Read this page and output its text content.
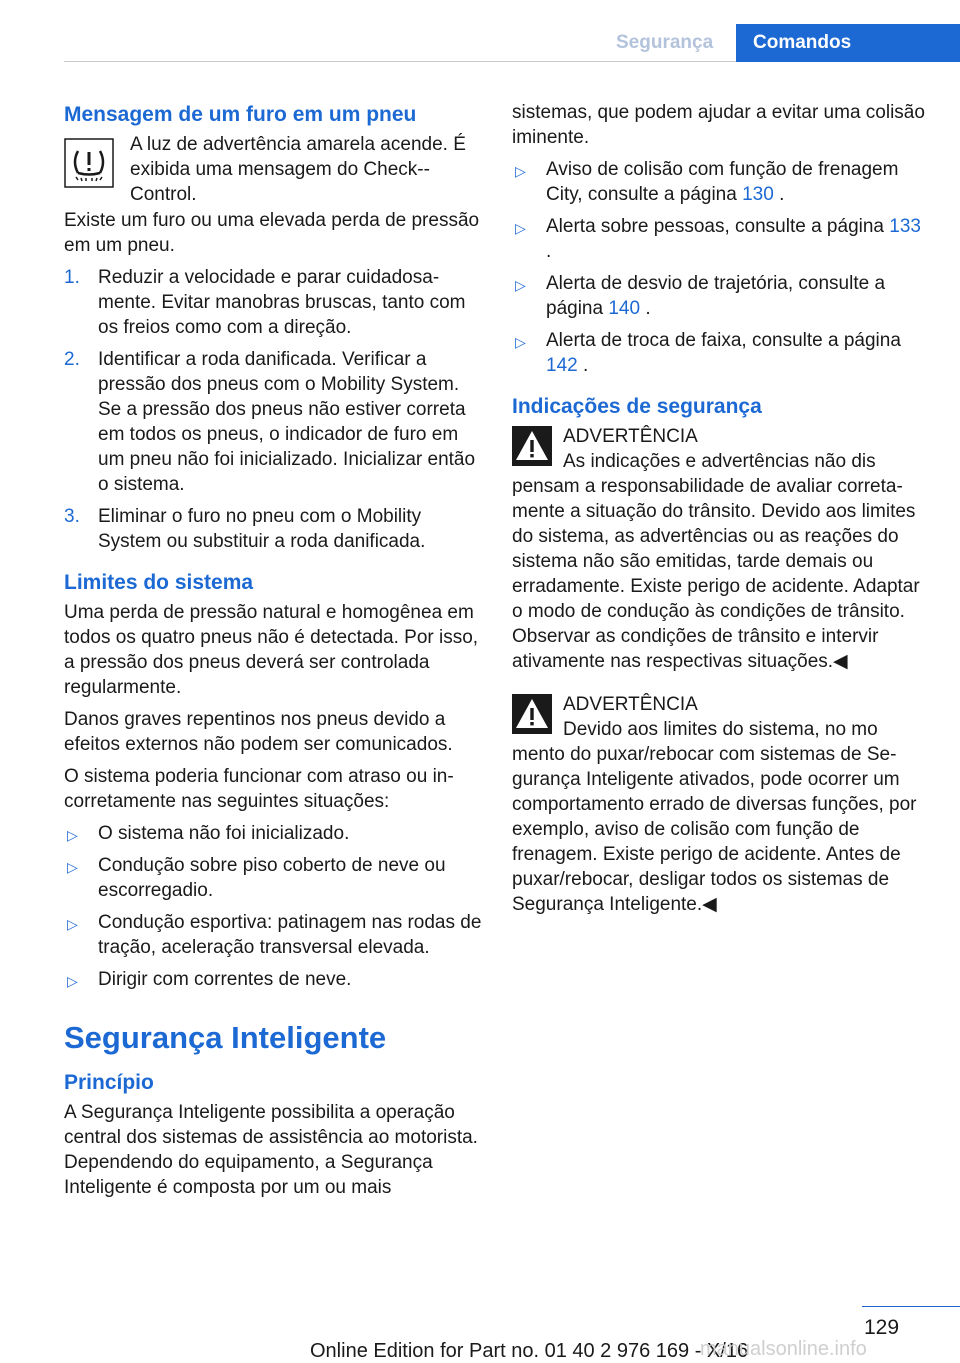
Segurança	Comandos
Mensagem de um furo em um pneu

A luz de advertência amarela acende. É exibida uma mensagem do Check-Control.

Existe um furo ou uma elevada perda de pressão em um pneu.

1. Reduzir a velocidade e parar cuidadosamente. Evitar manobras bruscas, tanto com os freios como com a direção.
2. Identificar a roda danificada. Verificar a pressão dos pneus com o Mobility System. Se a pressão dos pneus não estiver correta em todos os pneus, o indicador de furo em um pneu não foi inicializado. Inicializar então o sistema.
3. Eliminar o furo no pneu com o Mobility System ou substituir a roda danificada.
Limites do sistema

Uma perda de pressão natural e homogênea em todos os quatro pneus não é detectada. Por isso, a pressão dos pneus deverá ser controlada regularmente.

Danos graves repentinos nos pneus devido a efeitos externos não podem ser comunicados.

O sistema poderia funcionar com atraso ou incorretamente nas seguintes situações:

▷ O sistema não foi inicializado.
▷ Condução sobre piso coberto de neve ou escorregadio.
▷ Condução esportiva: patinagem nas rodas de tração, aceleração transversal elevada.
▷ Dirigir com correntes de neve.
Segurança Inteligente
Princípio

A Segurança Inteligente possibilita a operação central dos sistemas de assistência ao motorista. Dependendo do equipamento, a Segurança Inteligente é composta por um ou mais

sistemas, que podem ajudar a evitar uma colisão iminente.

▷ Aviso de colisão com função de frenagem City, consulte a página 130 .
▷ Alerta sobre pessoas, consulte a página 133 .
▷ Alerta de desvio de trajetória, consulte a página 140 .
▷ Alerta de troca de faixa, consulte a página 142 .
Indicações de segurança
ADVERTÊNCIA
As indicações e advertências não dis
pensam a responsabilidade de avaliar corretamente a situação do trânsito. Devido aos limites do sistema, as advertências ou as reações do sistema não são emitidas, tarde demais ou erradamente. Existe perigo de acidente. Adaptar o modo de condução às condições de trânsito. Observar as condições de trânsito e intervir ativamente nas respectivas situações.◀
ADVERTÊNCIA
Devido aos limites do sistema, no mo
mento do puxar/rebocar com sistemas de Segurança Inteligente ativados, pode ocorrer um comportamento errado de diversas funções, por exemplo, aviso de colisão com função de frenagem. Existe perigo de acidente. Antes de puxar/rebocar, desligar todos os sistemas de Segurança Inteligente.◀
129
Online Edition for Part no. 01 40 2 976 169 - X/16
manualsonline.info
